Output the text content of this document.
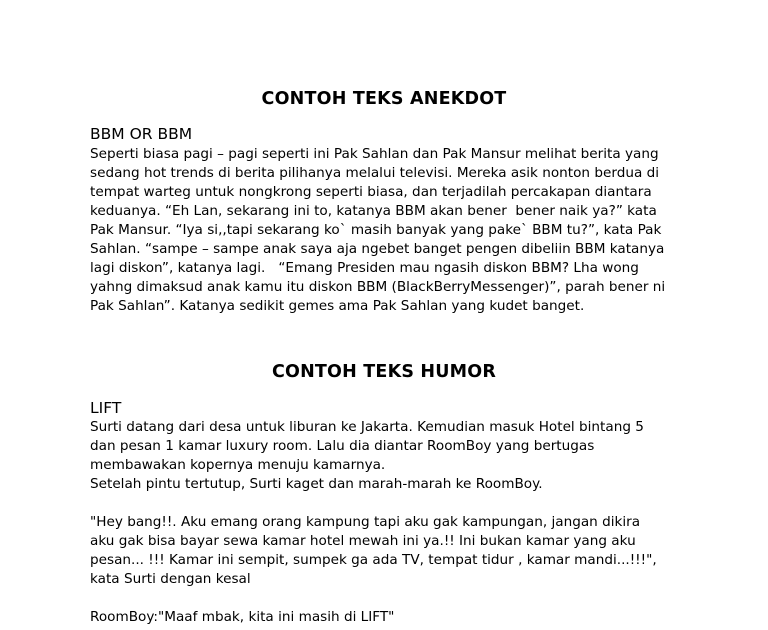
CONTOH TEKS ANEKDOT
BBM OR BBM
Seperti biasa pagi – pagi seperti ini Pak Sahlan dan Pak Mansur melihat berita yang
sedang hot trends di berita pilihanya melalui televisi. Mereka asik nonton berdua di
tempat warteg untuk nongkrong seperti biasa, dan terjadilah percakapan diantara
keduanya. “Eh Lan, sekarang ini to, katanya BBM akan bener  bener naik ya?” kata
Pak Mansur. “Iya si,,tapi sekarang ko` masih banyak yang pake` BBM tu?”, kata Pak
Sahlan. “sampe – sampe anak saya aja ngebet banget pengen dibeliin BBM katanya
lagi diskon”, katanya lagi.   “Emang Presiden mau ngasih diskon BBM? Lha wong
yahng dimaksud anak kamu itu diskon BBM (BlackBerryMessenger)”, parah bener ni
Pak Sahlan”. Katanya sedikit gemes ama Pak Sahlan yang kudet banget.
CONTOH TEKS HUMOR
LIFT
Surti datang dari desa untuk liburan ke Jakarta. Kemudian masuk Hotel bintang 5
dan pesan 1 kamar luxury room. Lalu dia diantar RoomBoy yang bertugas
membawakan kopernya menuju kamarnya.
Setelah pintu tertutup, Surti kaget dan marah-marah ke RoomBoy.
"Hey bang!!. Aku emang orang kampung tapi aku gak kampungan, jangan dikira
aku gak bisa bayar sewa kamar hotel mewah ini ya.!! Ini bukan kamar yang aku
pesan... !!! Kamar ini sempit, sumpek ga ada TV, tempat tidur , kamar mandi...!!!",
kata Surti dengan kesal
RoomBoy:"Maaf mbak, kita ini masih di LIFT"
